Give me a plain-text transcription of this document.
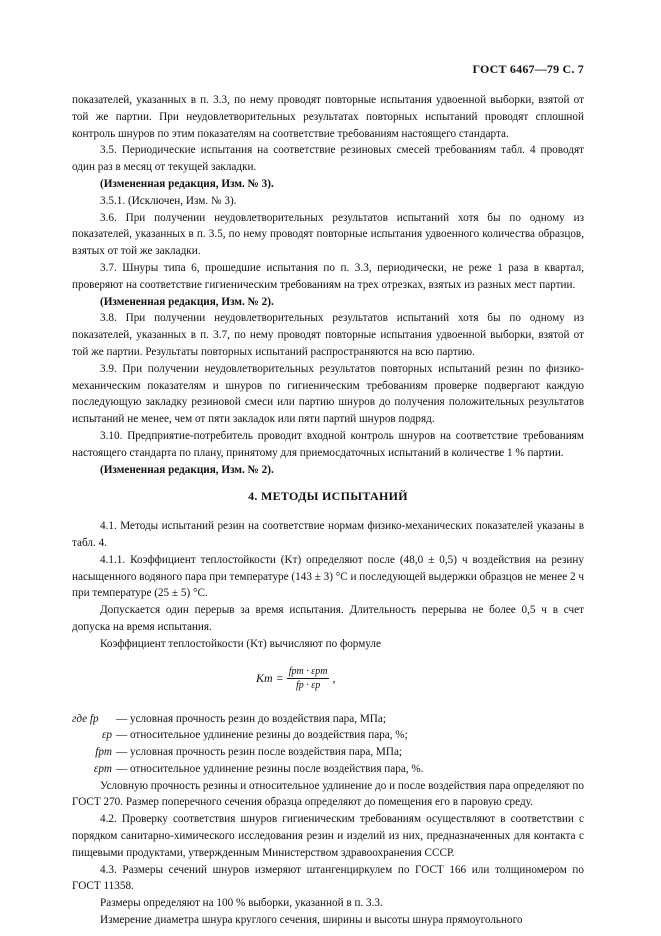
ГОСТ 6467—79 С. 7

показателей, указанных в п. 3.3, по нему проводят повторные испытания удвоенной выборки, взятой от той же партии. При неудовлетворительных результатах повторных испытаний проводят сплошной контроль шнуров по этим показателям на соответствие требованиям настоящего стандарта.

3.5. Периодические испытания на соответствие резиновых смесей требованиям табл. 4 проводят один раз в месяц от текущей закладки.

(Измененная редакция, Изм. № 3).

3.5.1. (Исключен, Изм. № 3).

3.6. При получении неудовлетворительных результатов испытаний хотя бы по одному из показателей, указанных в п. 3.5, по нему проводят повторные испытания удвоенного количества образцов, взятых от той же закладки.

3.7. Шнуры типа 6, прошедшие испытания по п. 3.3, периодически, не реже 1 раза в квартал, проверяют на соответствие гигиеническим требованиям на трех отрезках, взятых из разных мест партии.

(Измененная редакция, Изм. № 2).

3.8. При получении неудовлетворительных результатов испытаний хотя бы по одному из показателей, указанных в п. 3.7, по нему проводят повторные испытания удвоенной выборки, взятой от той же партии. Результаты повторных испытаний распространяются на всю партию.

3.9. При получении неудовлетворительных результатов повторных испытаний резин по физико-механическим показателям и шнуров по гигиеническим требованиям проверке подвергают каждую последующую закладку резиновой смеси или партию шнуров до получения положительных результатов испытаний не менее, чем от пяти закладок или пяти партий шнуров подряд.

3.10. Предприятие-потребитель проводит входной контроль шнуров на соответствие требованиям настоящего стандарта по плану, принятому для приемосдаточных испытаний в количестве 1 % партии.

(Измененная редакция, Изм. № 2).

4. МЕТОДЫ ИСПЫТАНИЙ

4.1. Методы испытаний резин на соответствие нормам физико-механических показателей указаны в табл. 4.

4.1.1. Коэффициент теплостойкости (Kт) определяют после (48,0 ± 0,5) ч воздействия на резину насыщенного водяного пара при температуре (143 ± 3) °С и последующей выдержки образцов не менее 2 ч при температуре (25 ± 5) °С.

Допускается один перерыв за время испытания. Длительность перерыва не более 0,5 ч в счет допуска на время испытания.

Коэффициент теплостойкости (Kт) вычисляют по формуле

Kт = $\frac{\text{fpт · εpт}}{fp \cdot \varepsilon p}$ ,
где fp	— условная прочность резин до воздействия пара, МПа;
εp — относительное удлинение резины до воздействия пара, %;
fpт — условная прочность резин после воздействия пара, МПа;
εpт — относительное удлинение резины после воздействия пара, %.

Условную прочность резины и относительное удлинение до и после воздействия пара определяют по ГОСТ 270. Размер поперечного сечения образца определяют до помещения его в паровую среду.

4.2. Проверку соответствия шнуров гигиеническим требованиям осуществляют в соответствии с порядком санитарно-химического исследования резин и изделий из них, предназначенных для контакта с пищевыми продуктами, утвержденным Министерством здравоохранения СССР.

4.3. Размеры сечений шнуров измеряют штангенциркулем по ГОСТ 166 или толщиномером по ГОСТ 11358.

Размеры определяют на 100 % выборки, указанной в п. 3.3.

Измерение диаметра шнура круглого сечения, ширины и высоты шнура прямоугольного
